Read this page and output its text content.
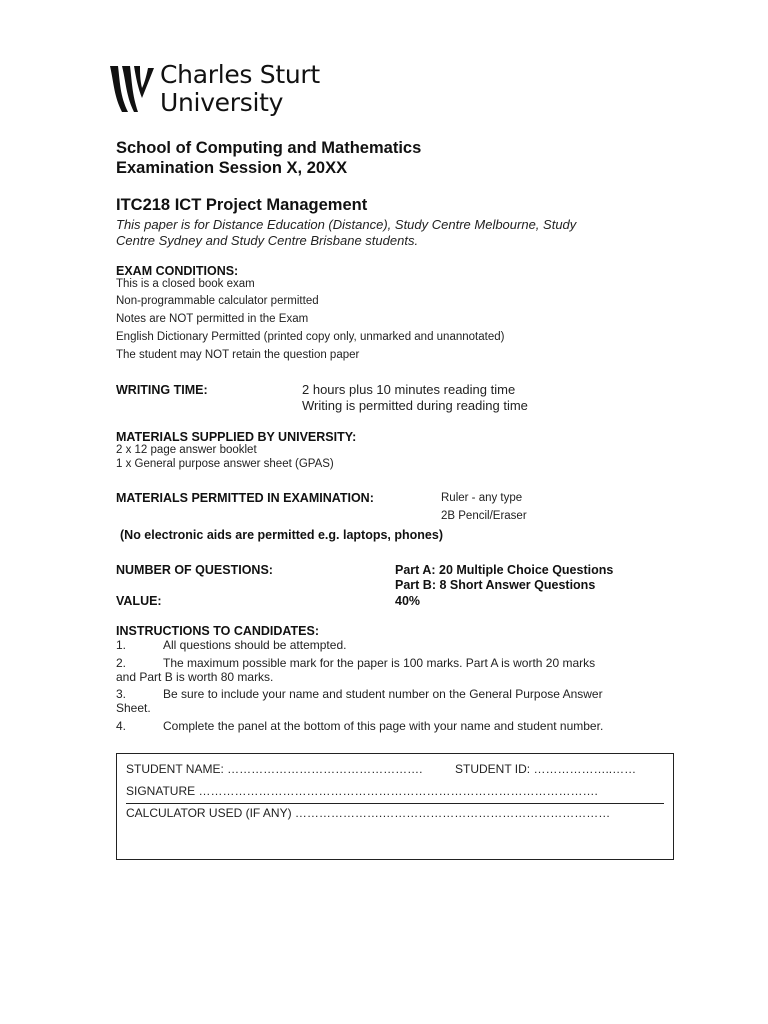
Charles Sturt
University
School of Computing and Mathematics
Examination Session X, 20XX
ITC218 ICT Project Management
This paper is for Distance Education (Distance), Study Centre Melbourne, Study
Centre Sydney and Study Centre Brisbane students.
EXAM CONDITIONS:
This is a closed book exam
Non-programmable calculator permitted
Notes are NOT permitted in the Exam
English Dictionary Permitted (printed copy only, unmarked and unannotated)
The student may NOT retain the question paper
WRITING TIME:	2 hours plus 10 minutes reading time
Writing is permitted during reading time
MATERIALS SUPPLIED BY UNIVERSITY:
2 x 12 page answer booklet
1 x General purpose answer sheet (GPAS)
MATERIALS PERMITTED IN EXAMINATION:	Ruler - any type
2B Pencil/Eraser
(No electronic aids are permitted e.g. laptops, phones)
NUMBER OF QUESTIONS:	Part A: 20 Multiple Choice Questions
Part B: 8 Short Answer Questions
VALUE:	40%
INSTRUCTIONS TO CANDIDATES:
1.	All questions should be attempted.
2.	The maximum possible mark for the paper is 100 marks. Part A is worth 20 marks
and Part B is worth 80 marks.
3.	Be sure to include your name and student number on the General Purpose Answer
Sheet.
4.	Complete the panel at the bottom of this page with your name and student number.
STUDENT NAME: ………………………………………….	STUDENT ID: ………………..……
SIGNATURE ……………………………………………………………………………………….
CALCULATOR USED (IF ANY) ………………….…………………………………………………
